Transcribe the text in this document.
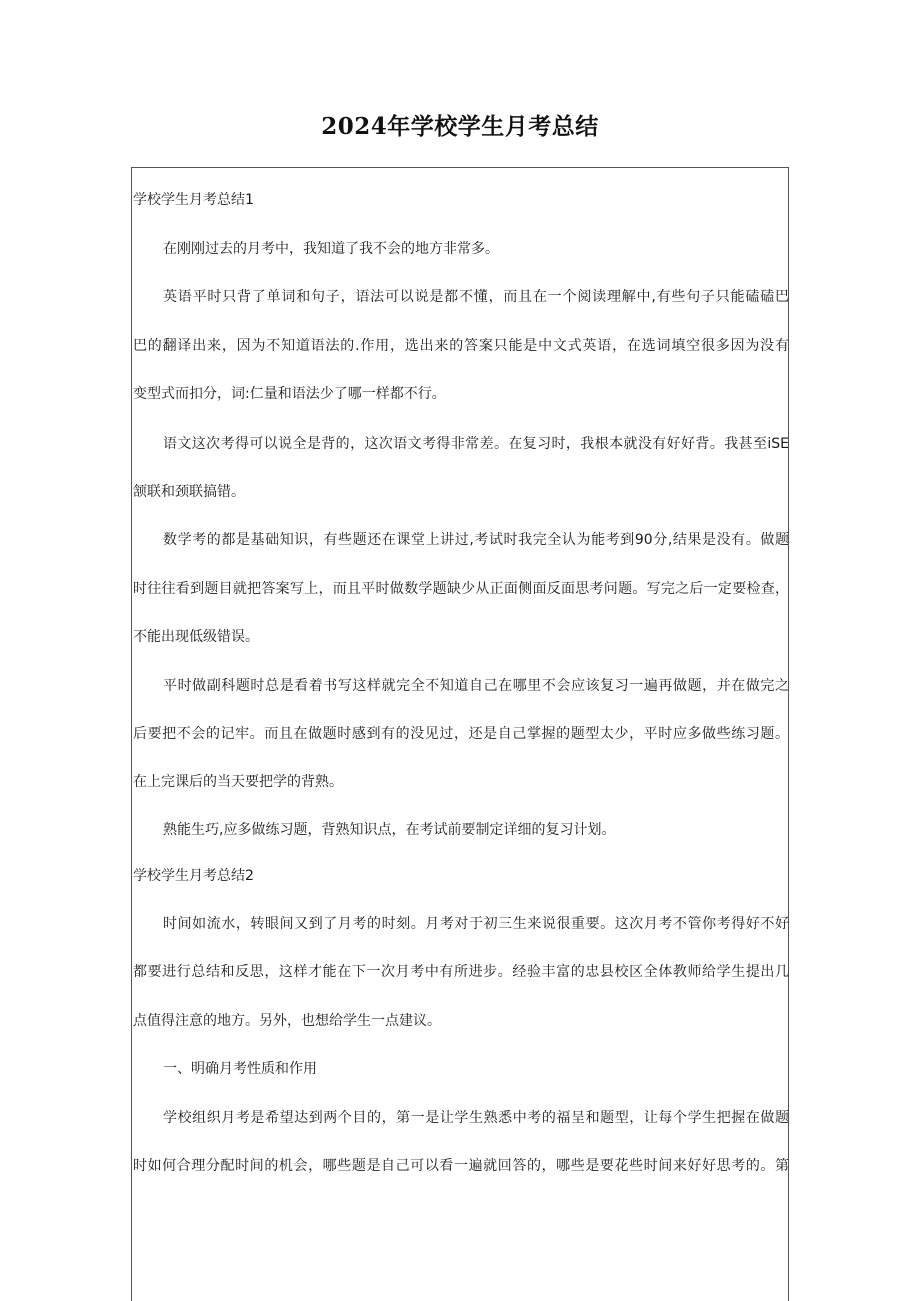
2024年学校学生月考总结
学校学生月考总结1
在刚刚过去的月考中，我知道了我不会的地方非常多。
英语平时只背了单词和句子，语法可以说是都不懂，而且在一个阅读理解中,有些句子只能磕磕巴
巴的翻译出来，因为不知道语法的.作用，选出来的答案只能是中文式英语，在选词填空很多因为没有
变型式而扣分，词:仁量和语法少了哪一样都不行。
语文这次考得可以说全是背的，这次语文考得非常差。在复习时，我根本就没有好好背。我甚至iSE
颔联和颈联搞错。
数学考的都是基础知识，有些题还在课堂上讲过,考试时我完全认为能考到90分,结果是没有。做题
时往往看到题目就把答案写上，而且平时做数学题缺少从正面侧面反面思考问题。写完之后一定要检查，
不能出现低级错误。
平时做副科题时总是看着书写这样就完全不知道自己在哪里不会应该复习一遍再做题，并在做完之
后要把不会的记牢。而且在做题时感到有的没见过，还是自己掌握的题型太少，平时应多做些练习题。
在上完课后的当天要把学的背熟。
熟能生巧,应多做练习题，背熟知识点，在考试前要制定详细的复习计划。
学校学生月考总结2
时间如流水，转眼间又到了月考的时刻。月考对于初三生来说很重要。这次月考不管你考得好不好
都要进行总结和反思，这样才能在下一次月考中有所进步。经验丰富的忠县校区全体教师给学生提出几
点值得注意的地方。另外，也想给学生一点建议。
一、明确月考性质和作用
学校组织月考是希望达到两个目的，第一是让学生熟悉中考的福呈和题型，让每个学生把握在做题
时如何合理分配时间的机会，哪些题是自己可以看一遍就回答的，哪些是要花些时间来好好思考的。第
